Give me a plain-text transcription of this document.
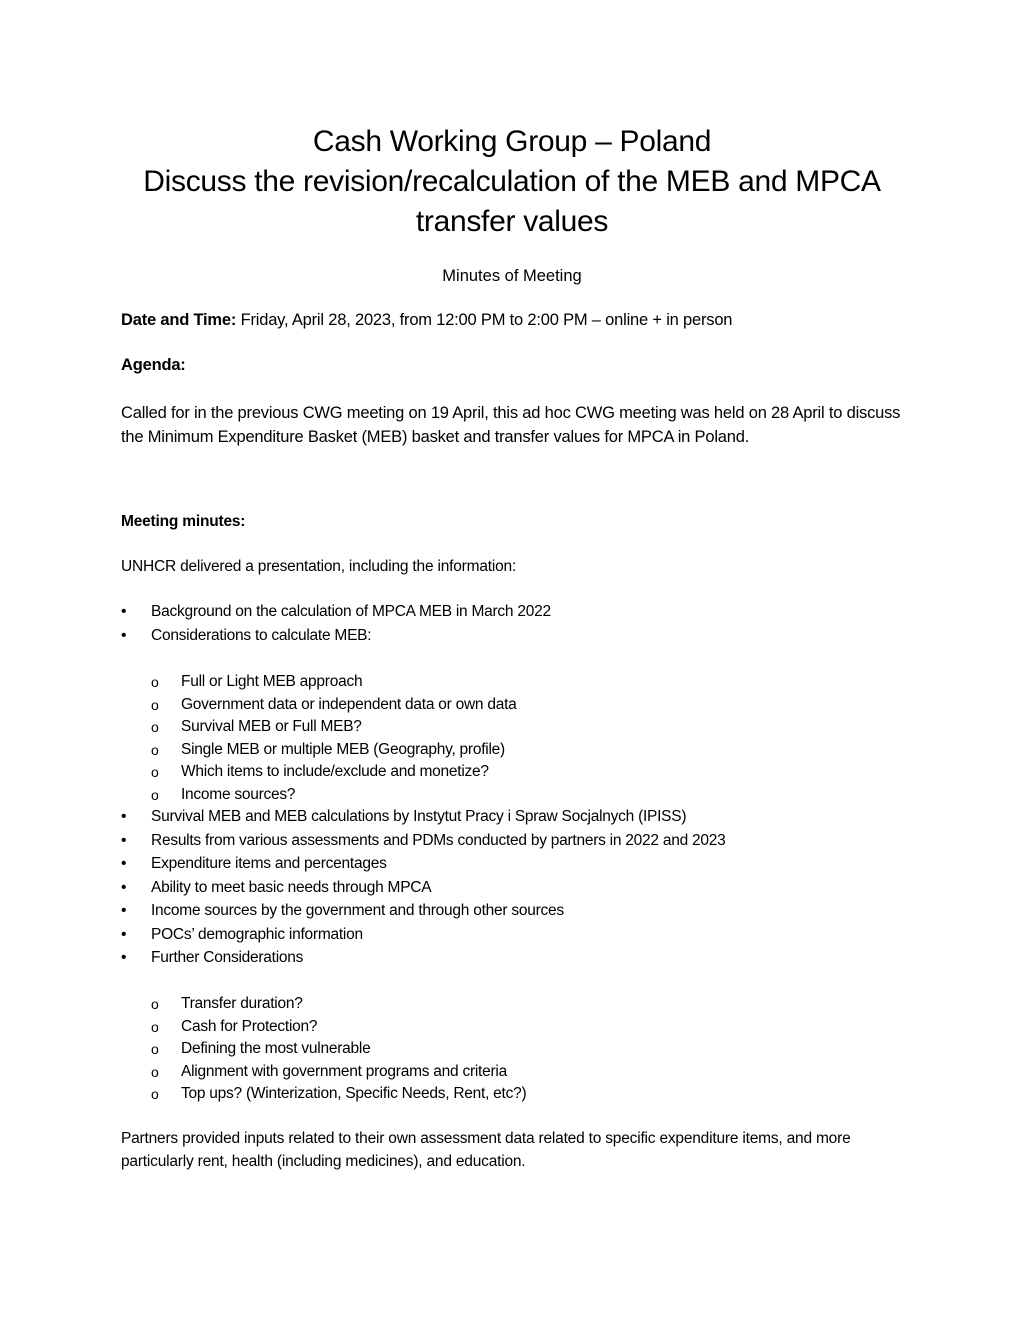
Cash Working Group – Poland
Discuss the revision/recalculation of the MEB and MPCA
transfer values
Minutes of Meeting
Date and Time: Friday, April 28, 2023, from 12:00 PM to 2:00 PM – online + in person
Agenda:
Called for in the previous CWG meeting on 19 April, this ad hoc CWG meeting was held on 28 April to discuss the Minimum Expenditure Basket (MEB) basket and transfer values for MPCA in Poland.
Meeting minutes:
UNHCR delivered a presentation, including the information:
•	Background on the calculation of MPCA MEB in March 2022
•	Considerations to calculate MEB:
o Full or Light MEB approach
o Government data or independent data or own data
o Survival MEB or Full MEB?
o Single MEB or multiple MEB (Geography, profile)
o Which items to include/exclude and monetize?
o Income sources?
•	Survival MEB and MEB calculations by Instytut Pracy i Spraw Socjalnych (IPISS)
•	Results from various assessments and PDMs conducted by partners in 2022 and 2023
•	Expenditure items and percentages
•	Ability to meet basic needs through MPCA
•	Income sources by the government and through other sources
•	POCs’ demographic information
•	Further Considerations
o Transfer duration?
o Cash for Protection?
o Defining the most vulnerable
o Alignment with government programs and criteria
o Top ups? (Winterization, Specific Needs, Rent, etc?)
Partners provided inputs related to their own assessment data related to specific expenditure items, and more particularly rent, health (including medicines), and education.
